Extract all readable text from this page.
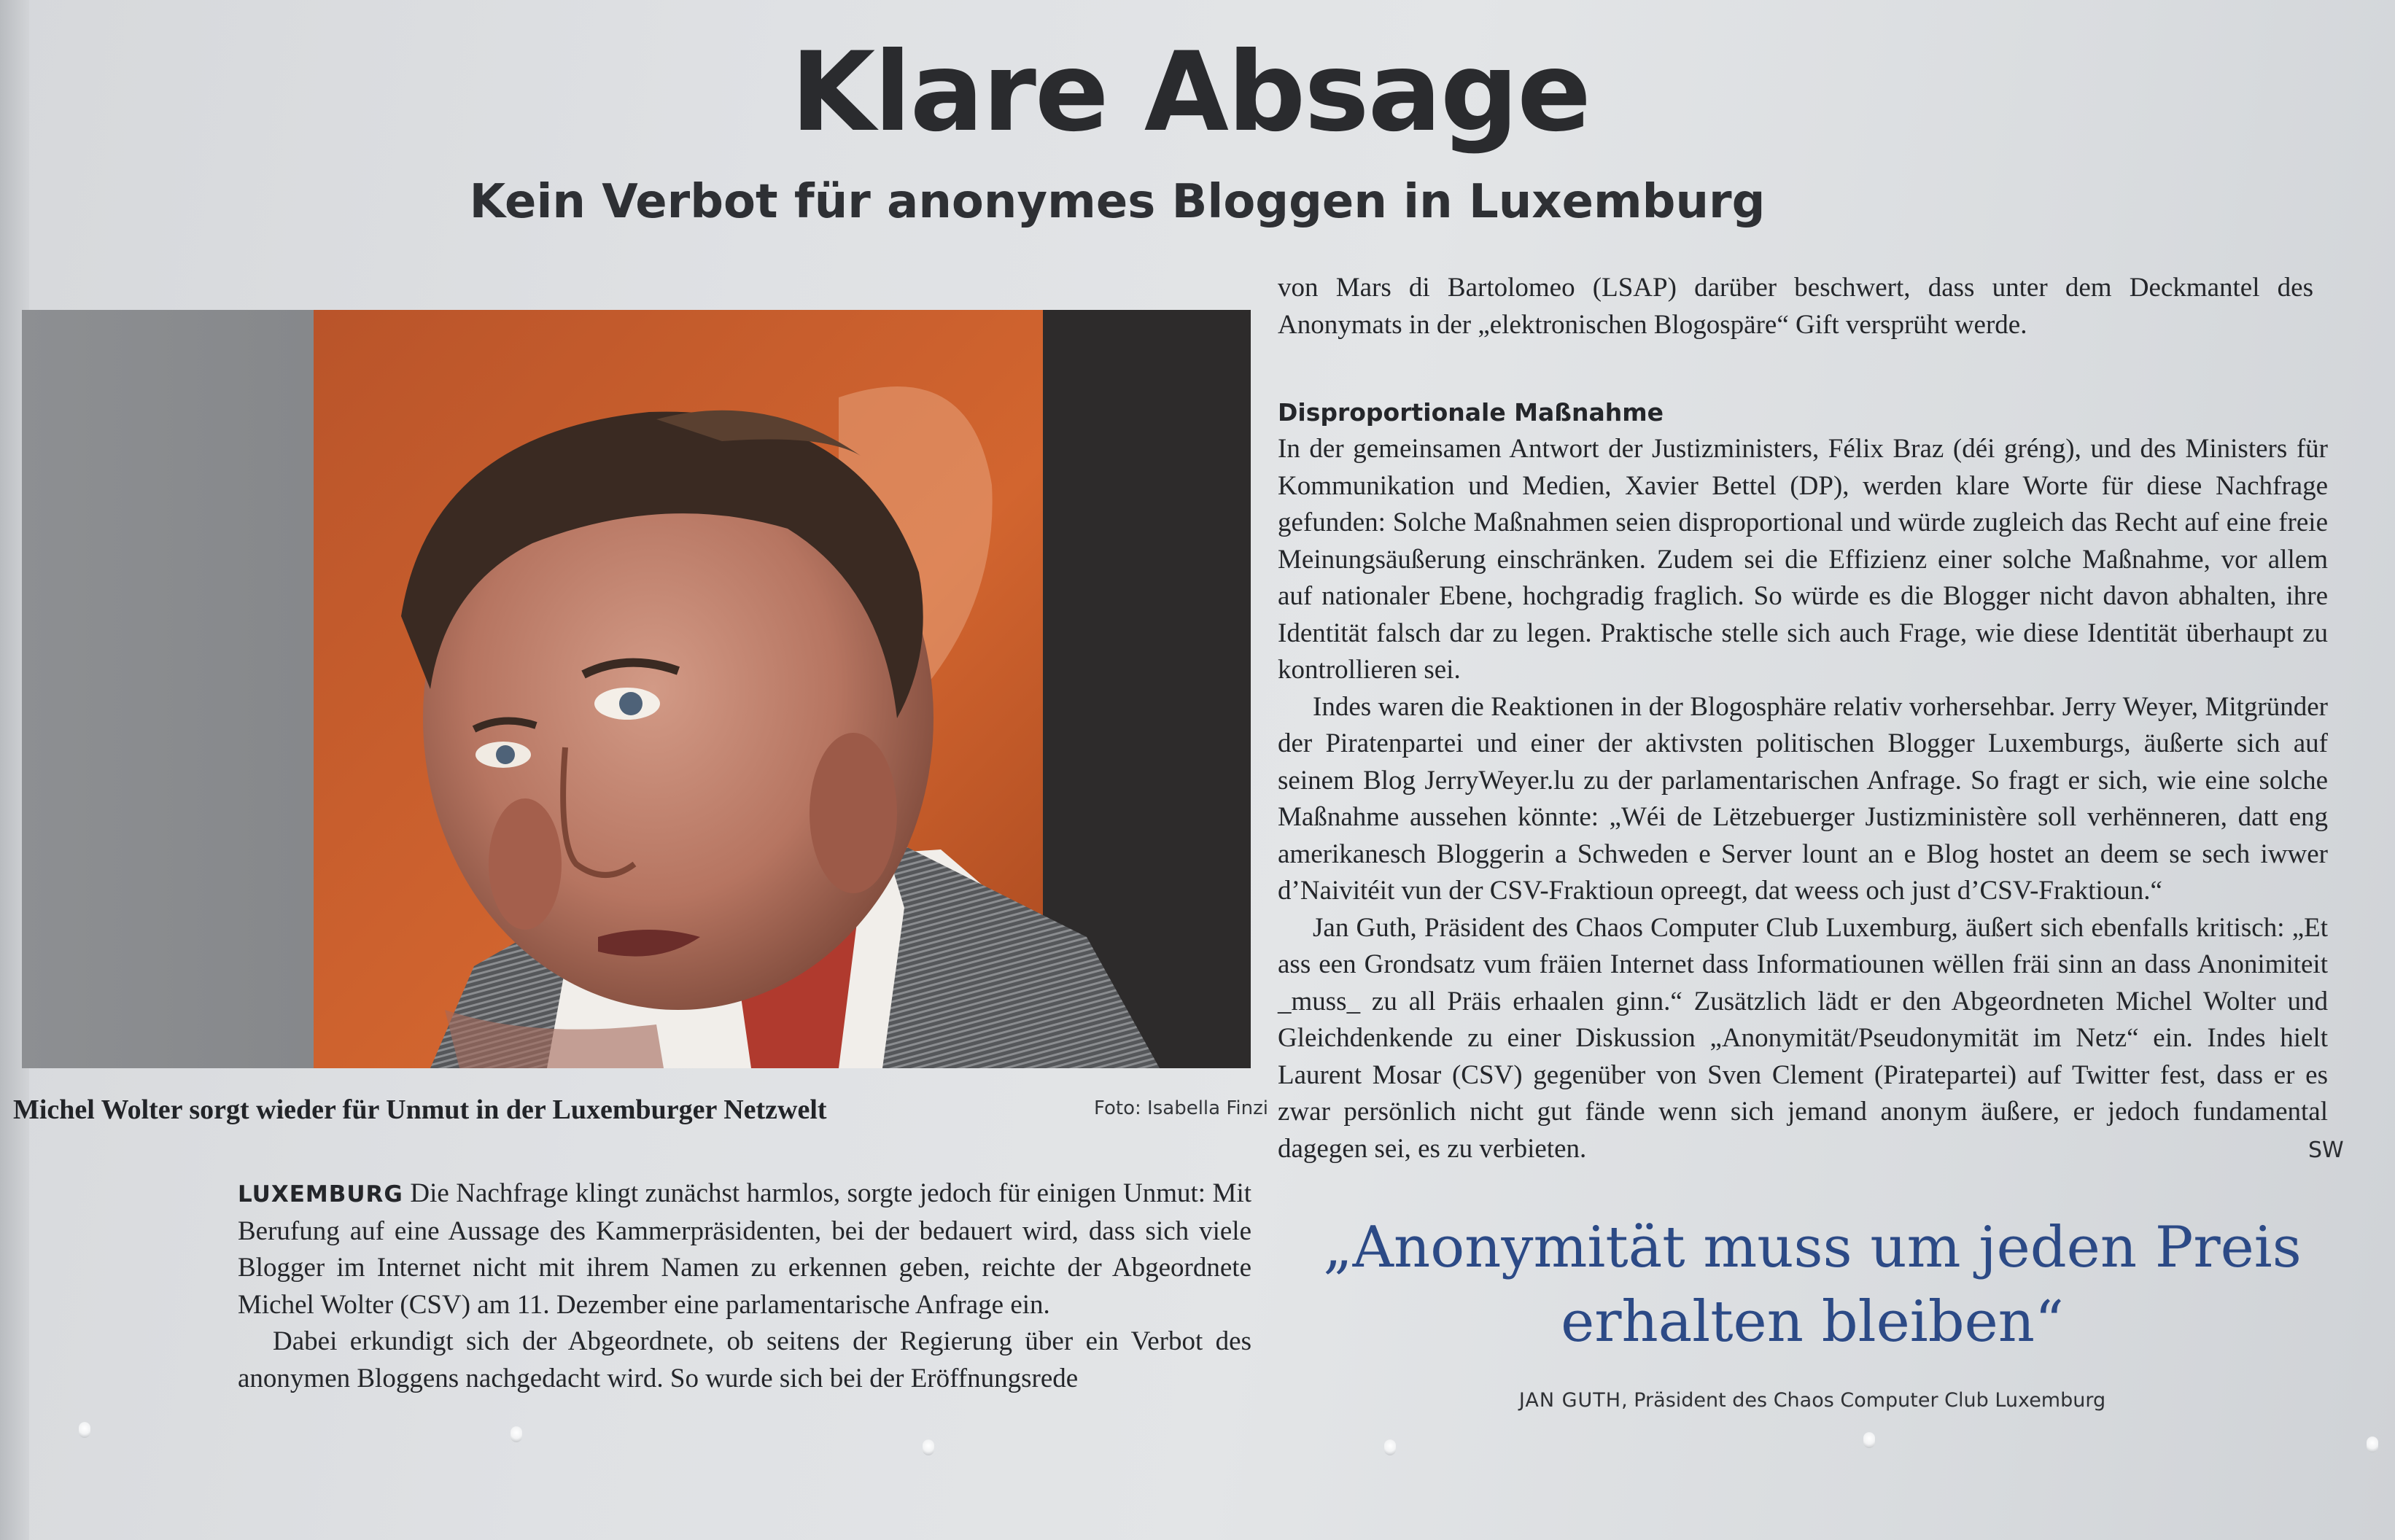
Klare Absage
Kein Verbot für anonymes Bloggen in Luxemburg
Michel Wolter sorgt wieder für Unmut in der Luxemburger Netzwelt	Foto: Isabella Finzi

LUXEMBURG Die Nachfrage klingt zunächst harmlos, sorgte jedoch für einigen Unmut: Mit Berufung auf eine Aussage des Kammerpräsidenten, bei der bedauert wird, dass sich viele Blogger im Internet nicht mit ihrem Namen zu erkennen geben, reichte der Abgeordnete Michel Wolter (CSV) am 11. Dezember eine parlamentarische Anfrage ein.

Dabei erkundigt sich der Abgeordnete, ob seitens der Regierung über ein Verbot des anonymen Bloggens nachgedacht wird. So wurde sich bei der Eröffnungsrede

von Mars di Bartolomeo (LSAP) darüber beschwert, dass unter dem Deckmantel des Anonymats in der „elektronischen Blogospäre“ Gift versprüht werde.

Disproportionale Maßnahme

In der gemeinsamen Antwort der Justizministers, Félix Braz (déi gréng), und des Ministers für Kommunikation und Medien, Xavier Bettel (DP), werden klare Worte für diese Nachfrage gefunden: Solche Maßnahmen seien disproportional und würde zugleich das Recht auf eine freie Meinungsäußerung einschränken. Zudem sei die Effizienz einer solche Maßnahme, vor allem auf nationaler Ebene, hochgradig fraglich. So würde es die Blogger nicht davon abhalten, ihre Identität falsch dar zu legen. Praktische stelle sich auch Frage, wie diese Identität überhaupt zu kontrollieren sei.

Indes waren die Reaktionen in der Blogosphäre relativ vorhersehbar. Jerry Weyer, Mitgründer der Piratenpartei und einer der aktivsten politischen Blogger Luxemburgs, äußerte sich auf seinem Blog JerryWeyer.lu zu der parlamentarischen Anfrage. So fragt er sich, wie eine solche Maßnahme aussehen könnte: „Wéi de Lëtzebuerger Justizministère soll verhënneren, datt eng amerikanesch Bloggerin a Schweden e Server lount an e Blog hostet an deem se sech iwwer d’Naivitéit vun der CSV-Fraktioun opreegt, dat weess och just d’CSV-Fraktioun.“

Jan Guth, Präsident des Chaos Computer Club Luxemburg, äußert sich ebenfalls kritisch: „Et ass een Grondsatz vum fräien Internet dass Informatiounen wëllen fräi sinn an dass Anonimiteit _muss_ zu all Präis erhaalen ginn.“ Zusätzlich lädt er den Abgeordneten Michel Wolter und Gleichdenkende zu einer Diskussion „Anonymität/Pseudonymität im Netz“ ein. Indes hielt Laurent Mosar (CSV) gegenüber von Sven Clement (Piratepartei) auf Twitter fest, dass er es zwar persönlich nicht gut fände wenn sich jemand anonym äußere, er jedoch fundamental dagegen sei, es zu verbieten.	SW
„Anonymität muss um jeden Preis erhalten bleiben“
JAN GUTH, Präsident des Chaos Computer Club Luxemburg
